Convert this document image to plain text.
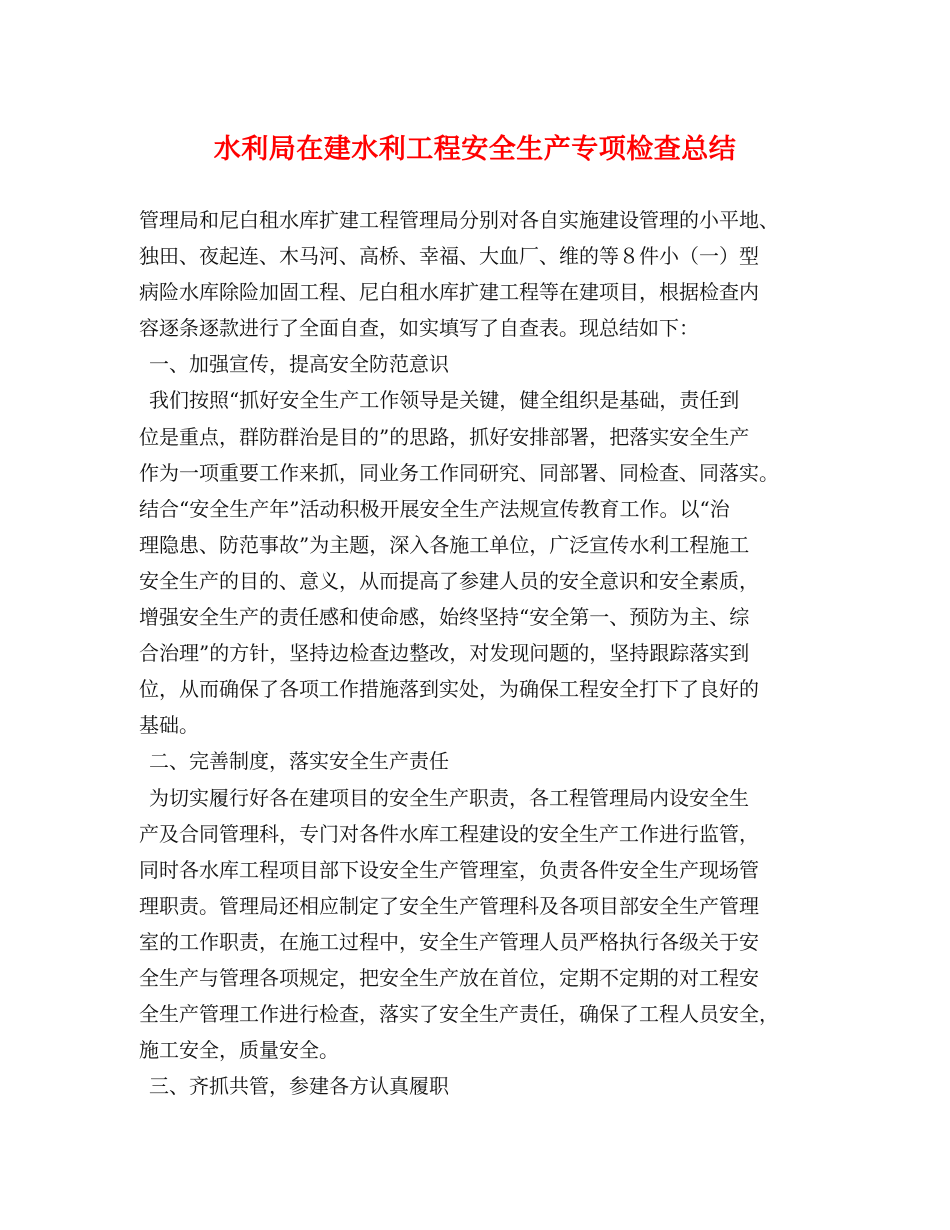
水利局在建水利工程安全生产专项检查总结
管理局和尼白租水库扩建工程管理局分别对各自实施建设管理的小平地、
独田、夜起连、木马河、高桥、幸福、大血厂、维的等８件小（一）型
病险水库除险加固工程、尼白租水库扩建工程等在建项目，根据检查内
容逐条逐款进行了全面自查，如实填写了自查表。现总结如下：
一、加强宣传，提高安全防范意识
我们按照“抓好安全生产工作领导是关键，健全组织是基础，责任到
位是重点，群防群治是目的”的思路，抓好安排部署，把落实安全生产
作为一项重要工作来抓，同业务工作同研究、同部署、同检查、同落实。
结合“安全生产年”活动积极开展安全生产法规宣传教育工作。以“治
理隐患、防范事故”为主题，深入各施工单位，广泛宣传水利工程施工
安全生产的目的、意义，从而提高了参建人员的安全意识和安全素质，
增强安全生产的责任感和使命感，始终坚持“安全第一、预防为主、综
合治理”的方针，坚持边检查边整改，对发现问题的，坚持跟踪落实到
位，从而确保了各项工作措施落到实处，为确保工程安全打下了良好的
基础。
二、完善制度，落实安全生产责任
为切实履行好各在建项目的安全生产职责，各工程管理局内设安全生
产及合同管理科，专门对各件水库工程建设的安全生产工作进行监管，
同时各水库工程项目部下设安全生产管理室，负责各件安全生产现场管
理职责。管理局还相应制定了安全生产管理科及各项目部安全生产管理
室的工作职责，在施工过程中，安全生产管理人员严格执行各级关于安
全生产与管理各项规定，把安全生产放在首位，定期不定期的对工程安
全生产管理工作进行检查，落实了安全生产责任，确保了工程人员安全，
施工安全，质量安全。
三、齐抓共管，参建各方认真履职
